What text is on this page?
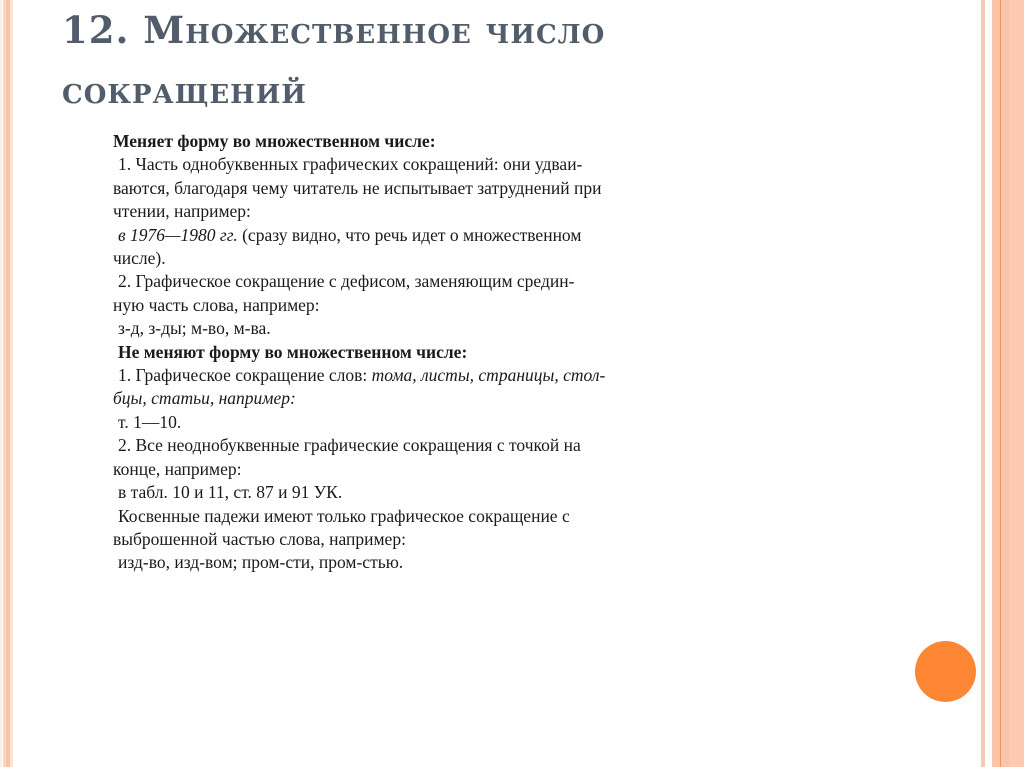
12. Множественное число
сокращений
Меняет форму во множественном числе:
1. Часть однобуквенных графических сокращений: они удваи-
ваются, благодаря чему читатель не испытывает затруднений при
чтении, например:
в 1976—1980 гг. (сразу видно, что речь идет о множественном
числе).
2. Графическое сокращение с дефисом, заменяющим средин-
ную часть слова, например:
з-д, з-ды; м-во, м-ва.
Не меняют форму во множественном числе:
1. Графическое сокращение слов: тома, листы, страницы, стол-
бцы, статьи, например:
т. 1—10.
2. Все неоднобуквенные графические сокращения с точкой на
конце, например:
в табл. 10 и 11, ст. 87 и 91 УК.
Косвенные падежи имеют только графическое сокращение с
выброшенной частью слова, например:
изд-во, изд-вом; пром-сти, пром-стью.
